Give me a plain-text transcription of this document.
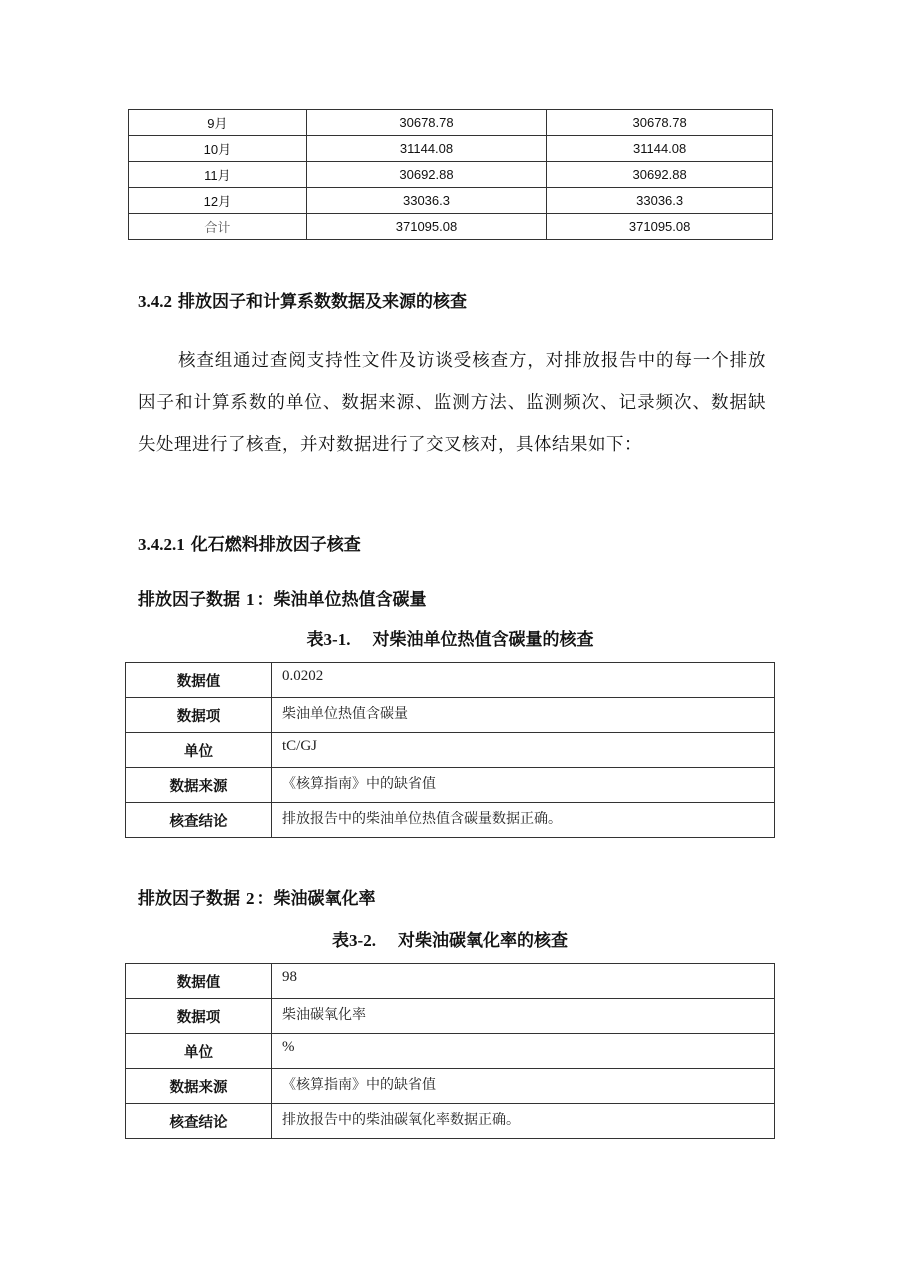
9月	30678.78	30678.78
10月	31144.08	31144.08
11月	30692.88	30692.88
12月	33036.3	33036.3
合计	371095.08	371095.08
3.4.2 排放因子和计算系数数据及来源的核查

核查组通过查阅支持性文件及访谈受核查方，对排放报告中的每一个排放因子和计算系数的单位、数据来源、监测方法、监测频次、记录频次、数据缺失处理进行了核查，并对数据进行了交叉核对，具体结果如下：

3.4.2.1 化石燃料排放因子核查
排放因子数据 1 ：柴油单位热值含碳量

表3-1. 对柴油单位热值含碳量的核查

数据值	0.0202
数据项	柴油单位热值含碳量
单位	tC/GJ
数据来源	《核算指南》中的缺省值
核查结论	排放报告中的柴油单位热值含碳量数据正确。
排放因子数据 2 ：柴油碳氧化率

表3-2. 对柴油碳氧化率的核查

数据值	98
数据项	柴油碳氧化率
单位	%
数据来源	《核算指南》中的缺省值
核查结论	排放报告中的柴油碳氧化率数据正确。
